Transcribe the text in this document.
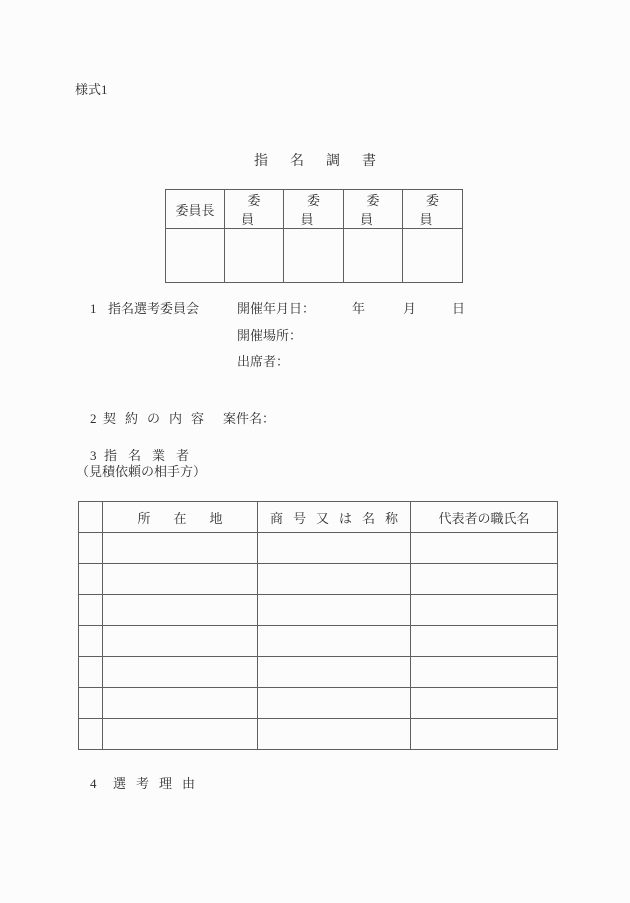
様式1
指名調書
委員長	委員	委員	委員	委員

1 指名選考委員会	開催年月日：	年	月	日
開催場所：
出席者：
2 契約の内容 案件名：
3 指名業者
（見積依頼の相手方）
	所在地	商号又は名称	代表者の職氏名

4 選考理由
